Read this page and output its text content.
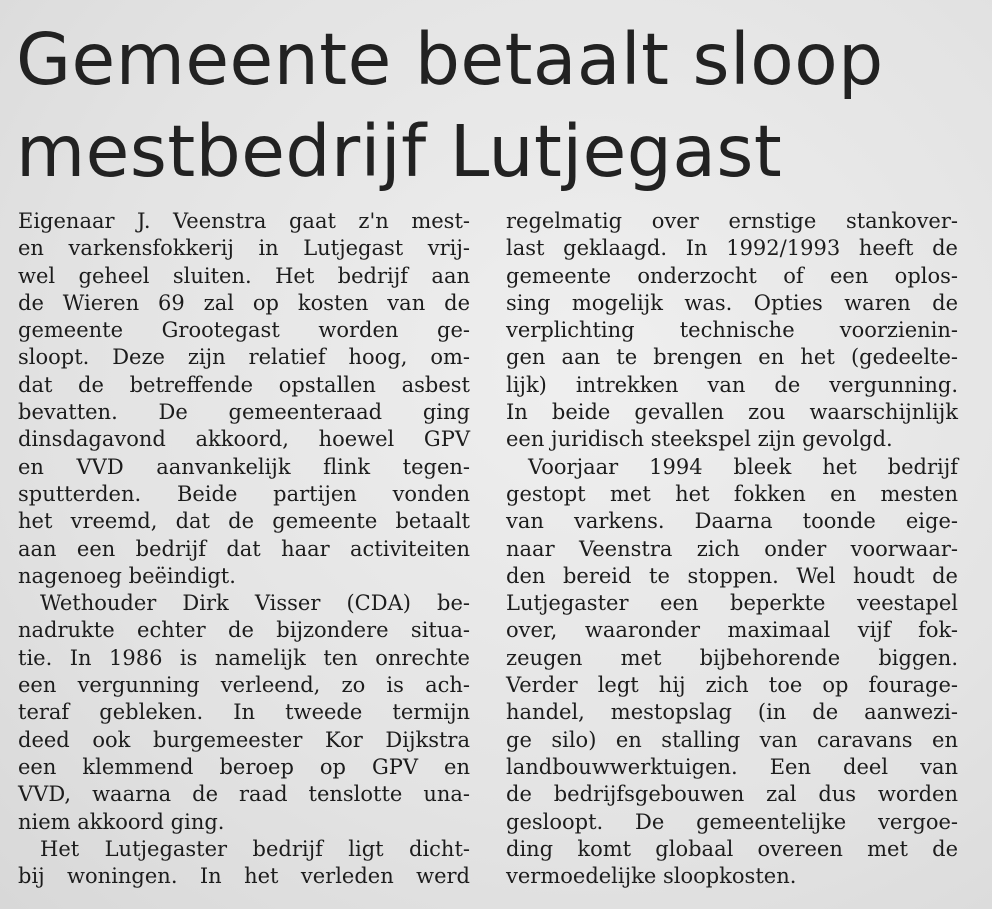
Gemeente betaalt sloop
mestbedrijf Lutjegast
Eigenaar J. Veenstra gaat z'n mest-
en varkensfokkerij in Lutjegast vrij-
wel geheel sluiten. Het bedrijf aan
de Wieren 69 zal op kosten van de
gemeente Grootegast worden ge-
sloopt. Deze zijn relatief hoog, om-
dat de betreffende opstallen asbest
bevatten. De gemeenteraad ging
dinsdagavond akkoord, hoewel GPV
en VVD aanvankelijk flink tegen-
sputterden. Beide partijen vonden
het vreemd, dat de gemeente betaalt
aan een bedrijf dat haar activiteiten
nagenoeg beëindigt.
Wethouder Dirk Visser (CDA) be-
nadrukte echter de bijzondere situa-
tie. In 1986 is namelijk ten onrechte
een vergunning verleend, zo is ach-
teraf gebleken. In tweede termijn
deed ook burgemeester Kor Dijkstra
een klemmend beroep op GPV en
VVD, waarna de raad tenslotte una-
niem akkoord ging.
Het Lutjegaster bedrijf ligt dicht-
bij woningen. In het verleden werd
regelmatig over ernstige stankover-
last geklaagd. In 1992/1993 heeft de
gemeente onderzocht of een oplos-
sing mogelijk was. Opties waren de
verplichting technische voorzienin-
gen aan te brengen en het (gedeelte-
lijk) intrekken van de vergunning.
In beide gevallen zou waarschijnlijk
een juridisch steekspel zijn gevolgd.
Voorjaar 1994 bleek het bedrijf
gestopt met het fokken en mesten
van varkens. Daarna toonde eige-
naar Veenstra zich onder voorwaar-
den bereid te stoppen. Wel houdt de
Lutjegaster een beperkte veestapel
over, waaronder maximaal vijf fok-
zeugen met bijbehorende biggen.
Verder legt hij zich toe op fourage-
handel, mestopslag (in de aanwezi-
ge silo) en stalling van caravans en
landbouwwerktuigen. Een deel van
de bedrijfsgebouwen zal dus worden
gesloopt. De gemeentelijke vergoe-
ding komt globaal overeen met de
vermoedelijke sloopkosten.
